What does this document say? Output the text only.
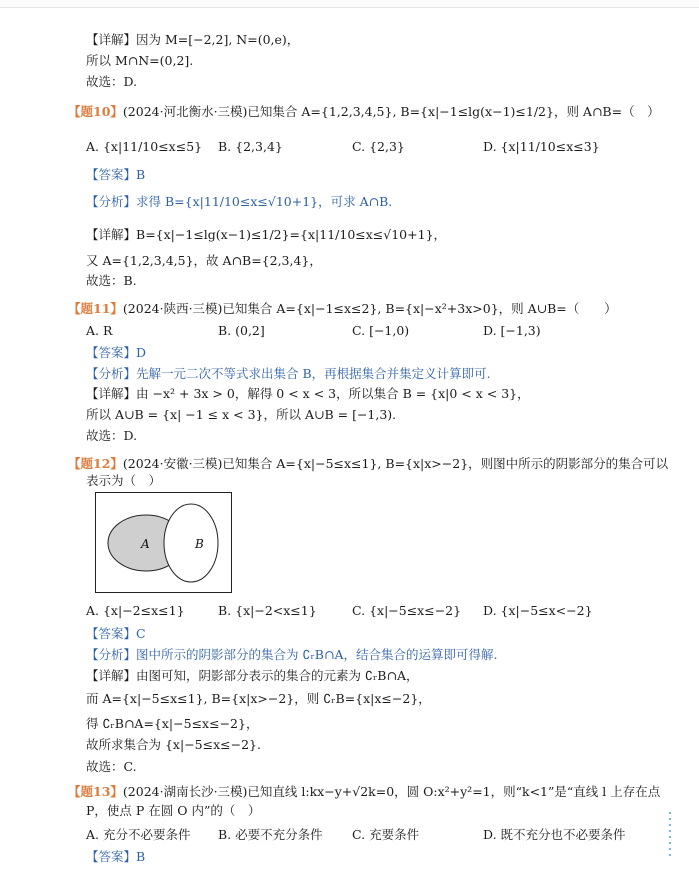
【详解】因为 M=[−2,2], N=(0,e)，
所以 M∩N=(0,2].
故选：D.
【题10】(2024·河北衡水·三模)已知集合 A={1,2,3,4,5}, B={x|−1≤lg(x−1)≤1/2}，则 A∩B=（　）
A. {x|11/10≤x≤5} B. {2,3,4}	C. {2,3}	D. {x|11/10≤x≤3}
【答案】B
【分析】求得 B={x|11/10≤x≤√10+1}，可求 A∩B.
【详解】B={x|−1≤lg(x−1)≤1/2}={x|11/10≤x≤√10+1}，
又 A={1,2,3,4,5}，故 A∩B={2,3,4}，
故选：B.
【题11】(2024·陕西·三模)已知集合 A={x|−1≤x≤2}, B={x|−x²+3x>0}，则 A∪B=（　　）
A. R	B. (0,2]	C. [−1,0)	D. [−1,3)
【答案】D
【分析】先解一元二次不等式求出集合 B，再根据集合并集定义计算即可.
【详解】由 −x² + 3x > 0，解得 0 < x < 3，所以集合 B = {x|0 < x < 3}，
所以 A∪B = {x| −1 ≤ x < 3}，所以 A∪B = [−1,3).
故选：D.
【题12】(2024·安徽·三模)已知集合 A={x|−5≤x≤1}, B={x|x>−2}，则图中所示的阴影部分的集合可以
表示为（　）
A	B
A. {x|−2≤x≤1}	B. {x|−2<x≤1}	C. {x|−5≤x≤−2} D. {x|−5≤x<−2}
【答案】C
【分析】图中所示的阴影部分的集合为 ∁ᵣB∩A，结合集合的运算即可得解.
【详解】由图可知，阴影部分表示的集合的元素为 ∁ᵣB∩A，
而 A={x|−5≤x≤1}, B={x|x>−2}，则 ∁ᵣB={x|x≤−2}，
得 ∁ᵣB∩A={x|−5≤x≤−2}，
故所求集合为 {x|−5≤x≤−2}.
故选：C.
【题13】(2024·湖南长沙·三模)已知直线 l:kx−y+√2k=0，圆 O:x²+y²=1，则“k<1”是“直线 l 上存在点
P，使点 P 在圆 O 内”的（　）
A. 充分不必要条件 B. 必要不充分条件 C. 充要条件	D. 既不充分也不必要条件
【答案】B
